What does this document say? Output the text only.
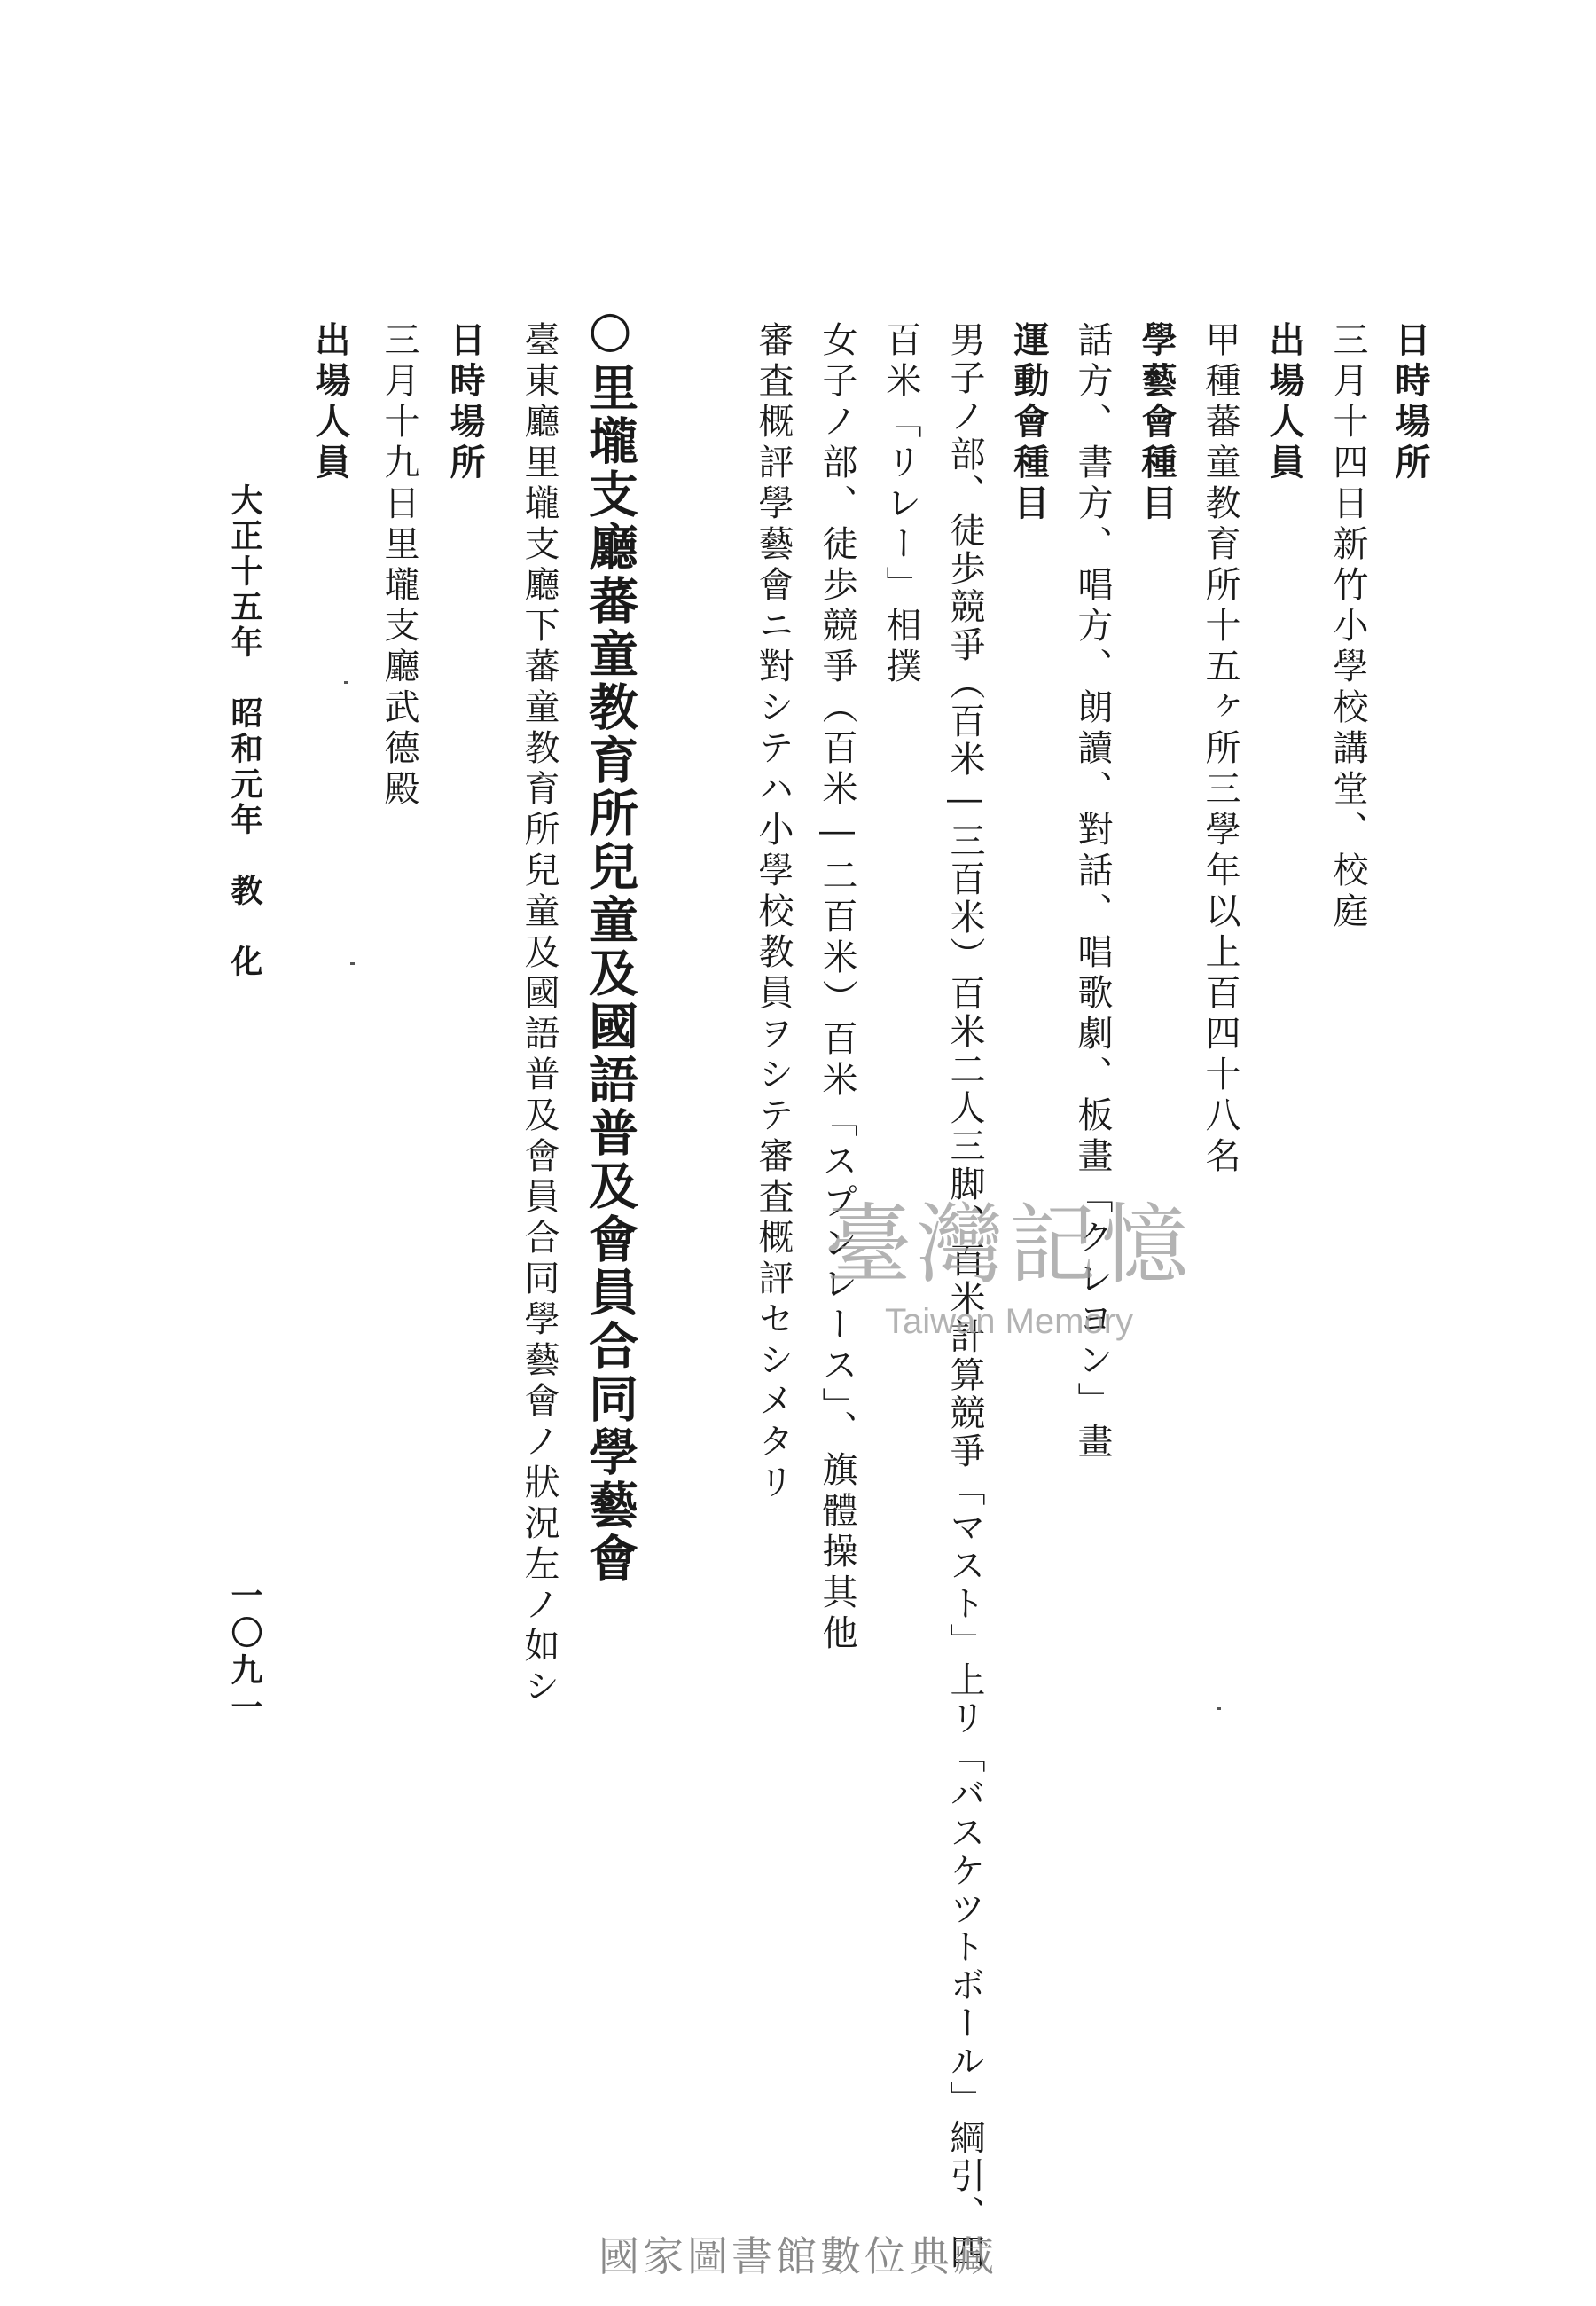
日時場所
三月十四日新竹小學校講堂、校庭
出場人員
甲種蕃童教育所十五ヶ所三學年以上百四十八名
學藝會種目
話方、書方、唱方、朗讀、對話、唱歌劇、板畫「クレヨン」畫
運動會種目
男子ノ部、徒歩競爭（百米―三百米）百米二人三脚、百米計算競爭「マスト」上リ「バスケツトボール」綱引、四
百米「リレー」相撲
女子ノ部、徒歩競爭（百米―二百米）百米「スプンレース」、旗體操其他
審査概評學藝會ニ對シテハ小學校教員ヲシテ審査概評セシメタリ
○里壠支廳蕃童教育所兒童及國語普及會員合同學藝會
臺東廳里壠支廳下蕃童教育所兒童及國語普及會員合同學藝會ノ狀況左ノ如シ
日時場所
三月十九日里壠支廳武德殿
出場人員
大正十五年　昭和元年　教　化
一〇九一
臺灣記憶
Taiwan Memory
國家圖書館數位典藏
